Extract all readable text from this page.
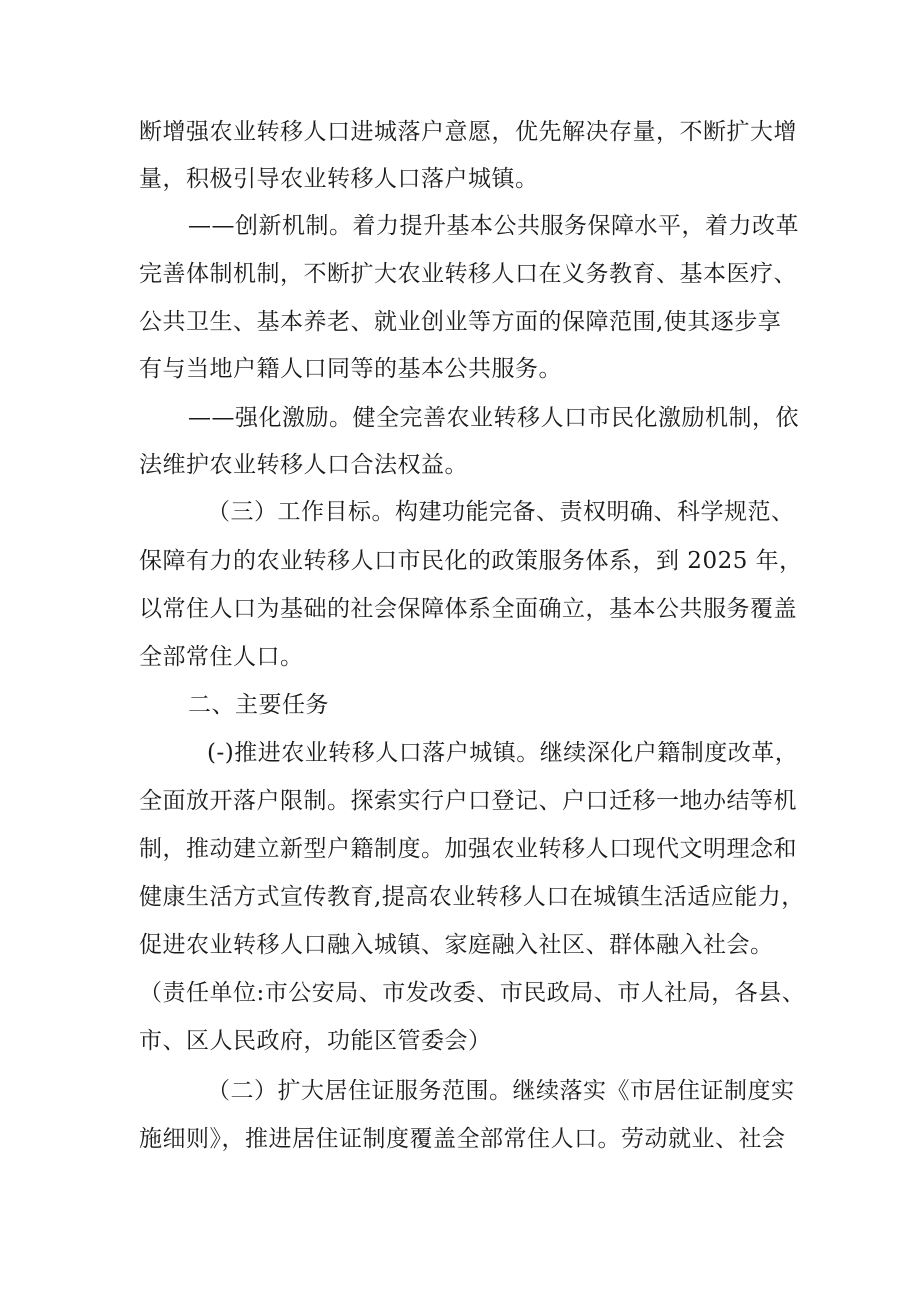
断增强农业转移人口进城落户意愿，优先解决存量，不断扩大增
量，积极引导农业转移人口落户城镇。
——创新机制。着力提升基本公共服务保障水平，着力改革
完善体制机制，不断扩大农业转移人口在义务教育、基本医疗、
公共卫生、基本养老、就业创业等方面的保障范围,使其逐步享
有与当地户籍人口同等的基本公共服务。
——强化激励。健全完善农业转移人口市民化激励机制，依
法维护农业转移人口合法权益。
（三）工作目标。构建功能完备、责权明确、科学规范、
保障有力的农业转移人口市民化的政策服务体系，到 2025 年，
以常住人口为基础的社会保障体系全面确立，基本公共服务覆盖
全部常住人口。
二、主要任务
(-)推进农业转移人口落户城镇。继续深化户籍制度改革，
全面放开落户限制。探索实行户口登记、户口迁移一地办结等机
制，推动建立新型户籍制度。加强农业转移人口现代文明理念和
健康生活方式宣传教育,提高农业转移人口在城镇生活适应能力，
促进农业转移人口融入城镇、家庭融入社区、群体融入社会。
（责任单位:市公安局、市发改委、市民政局、市人社局，各县、
市、区人民政府，功能区管委会）
（二）扩大居住证服务范围。继续落实《市居住证制度实
施细则》，推进居住证制度覆盖全部常住人口。劳动就业、社会
